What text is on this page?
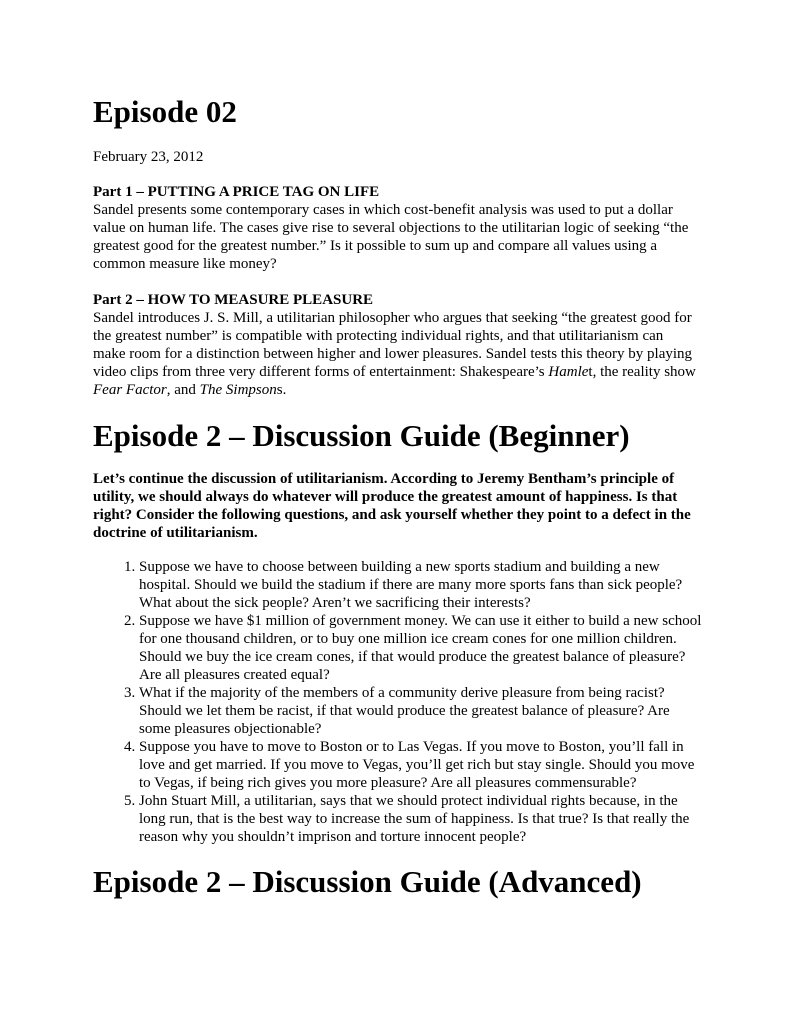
Episode 02

February 23, 2012

Part 1 – PUTTING A PRICE TAG ON LIFE

Sandel presents some contemporary cases in which cost-benefit analysis was used to put a dollar value on human life. The cases give rise to several objections to the utilitarian logic of seeking “the greatest good for the greatest number.” Is it possible to sum up and compare all values using a common measure like money?

Part 2 – HOW TO MEASURE PLEASURE

Sandel introduces J. S. Mill, a utilitarian philosopher who argues that seeking “the greatest good for the greatest number” is compatible with protecting individual rights, and that utilitarianism can make room for a distinction between higher and lower pleasures. Sandel tests this theory by playing video clips from three very different forms of entertainment: Shakespeare’s Hamlet, the reality show Fear Factor, and The Simpsons.

Episode 2 – Discussion Guide (Beginner)

Let’s continue the discussion of utilitarianism. According to Jeremy Bentham’s principle of utility, we should always do whatever will produce the greatest amount of happiness. Is that right? Consider the following questions, and ask yourself whether they point to a defect in the doctrine of utilitarianism.

1. Suppose we have to choose between building a new sports stadium and building a new hospital. Should we build the stadium if there are many more sports fans than sick people? What about the sick people? Aren’t we sacrificing their interests?
2. Suppose we have $1 million of government money. We can use it either to build a new school for one thousand children, or to buy one million ice cream cones for one million children. Should we buy the ice cream cones, if that would produce the greatest balance of pleasure? Are all pleasures created equal?
3. What if the majority of the members of a community derive pleasure from being racist? Should we let them be racist, if that would produce the greatest balance of pleasure? Are some pleasures objectionable?
4. Suppose you have to move to Boston or to Las Vegas. If you move to Boston, you’ll fall in love and get married. If you move to Vegas, you’ll get rich but stay single. Should you move to Vegas, if being rich gives you more pleasure? Are all pleasures commensurable?
5. John Stuart Mill, a utilitarian, says that we should protect individual rights because, in the long run, that is the best way to increase the sum of happiness. Is that true? Is that really the reason why you shouldn’t imprison and torture innocent people?
Episode 2 – Discussion Guide (Advanced)
